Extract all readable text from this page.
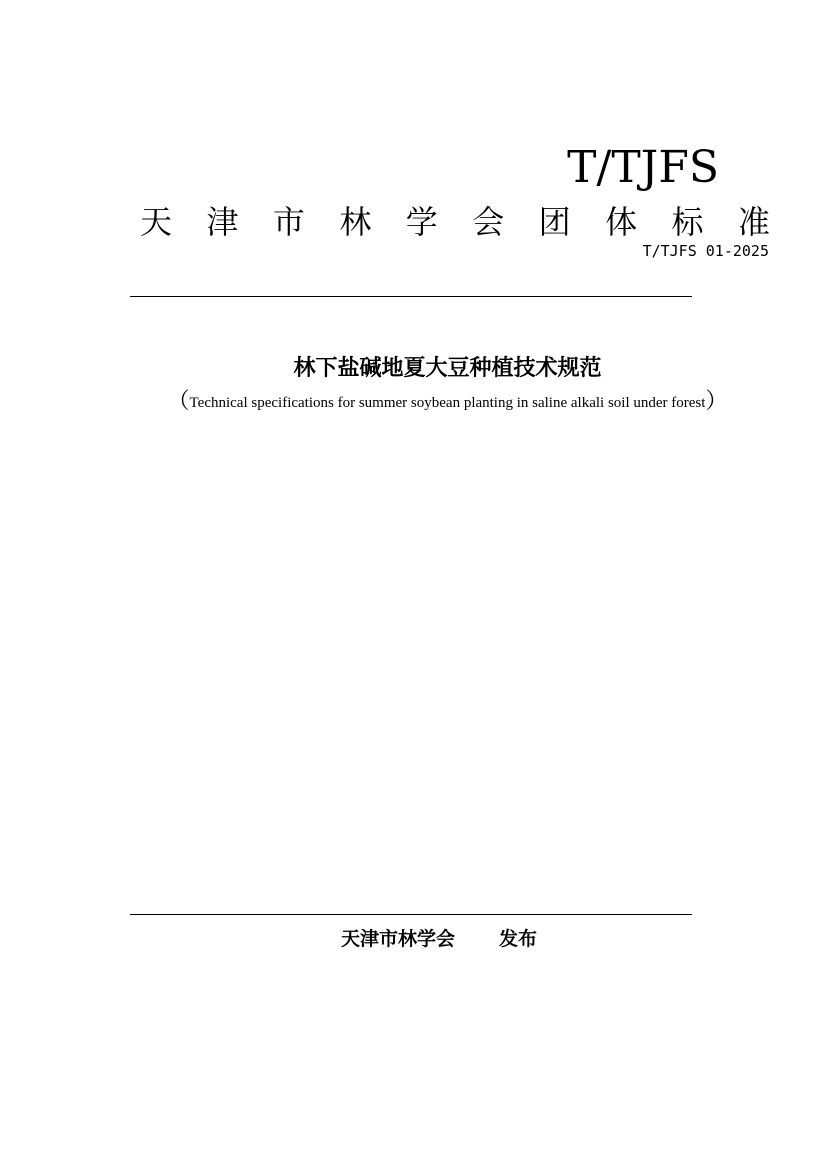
T/TJFS
天 津 市 林 学 会 团 体 标 准
T/TJFS 01-2025
林下盐碱地夏大豆种植技术规范
（Technical specifications for summer soybean planting in saline alkali soil under forest）
天津市林学会 发布
